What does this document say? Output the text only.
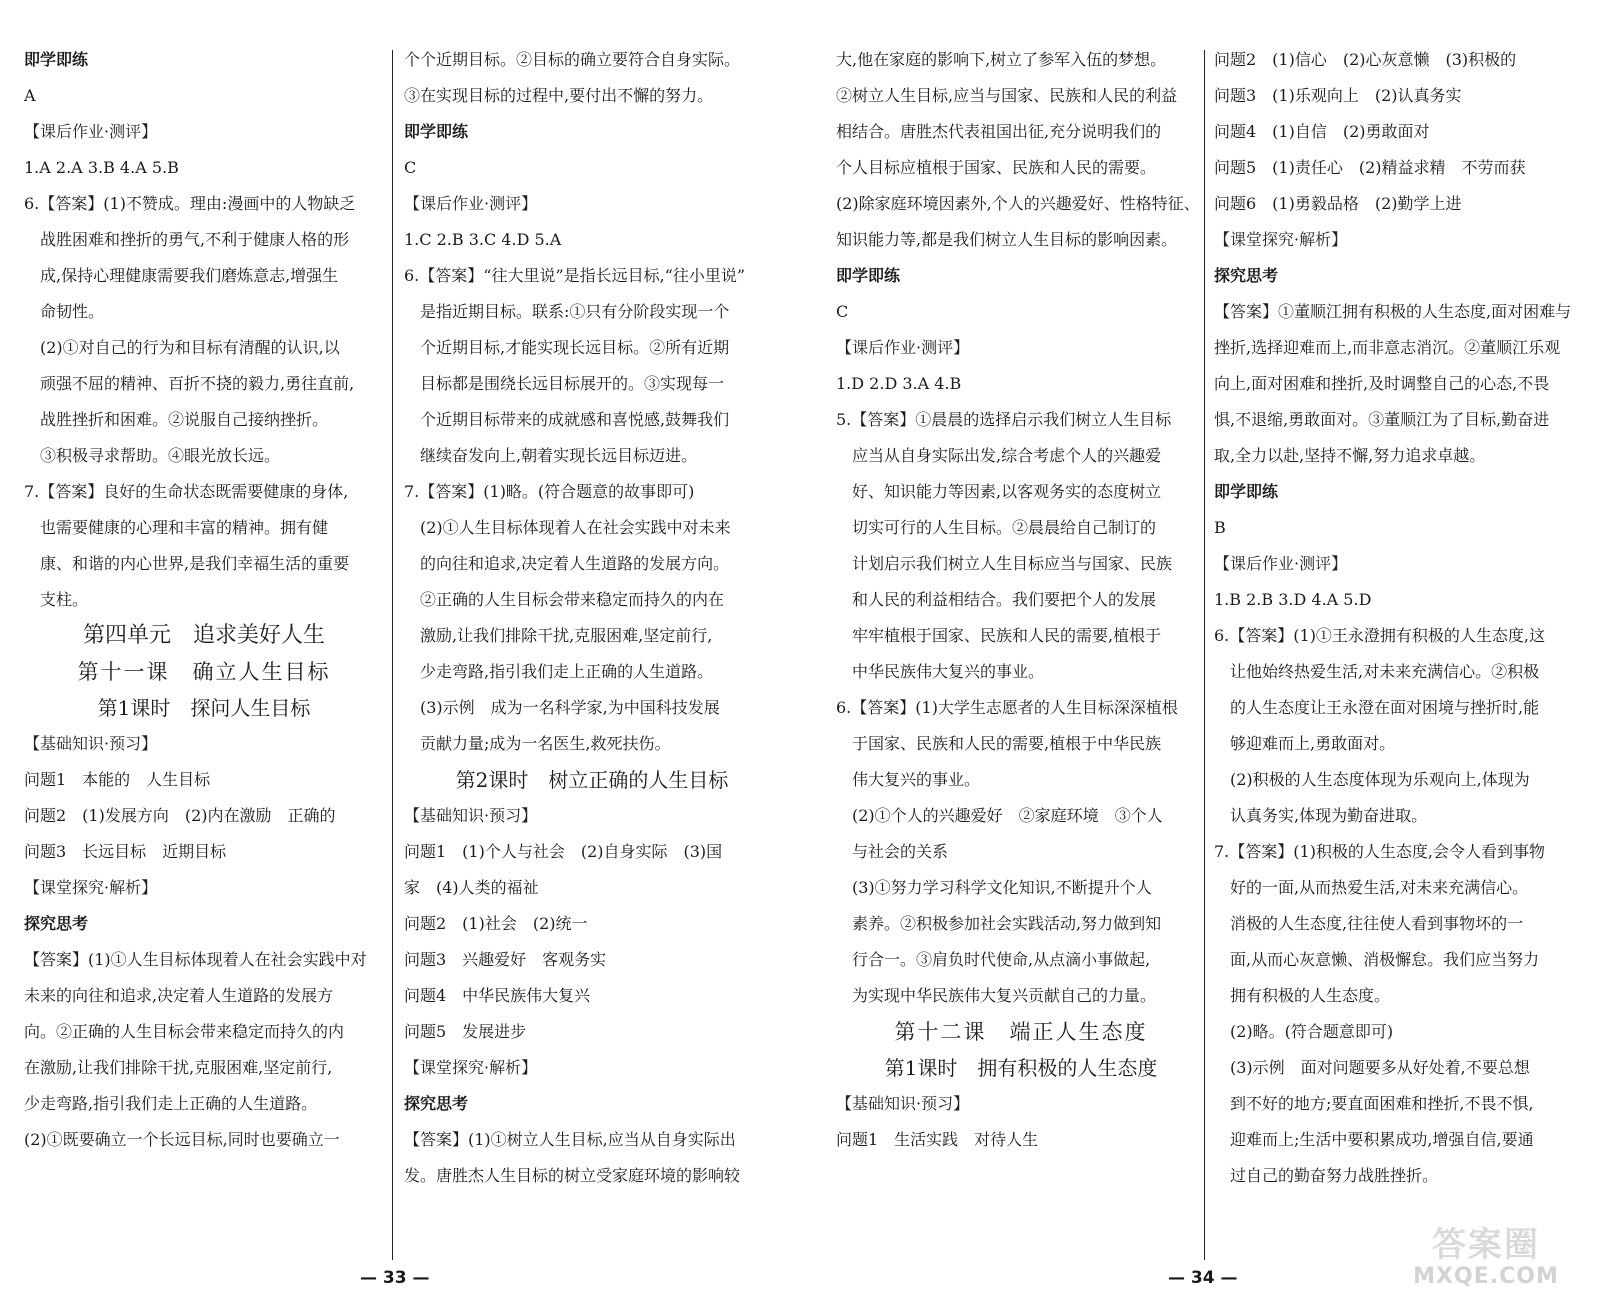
即学即练
A
【课后作业·测评】
1.A 2.A 3.B 4.A 5.B
6.【答案】(1)不赞成。理由:漫画中的人物缺乏
战胜困难和挫折的勇气,不利于健康人格的形
成,保持心理健康需要我们磨炼意志,增强生
命韧性。
(2)①对自己的行为和目标有清醒的认识,以
顽强不屈的精神、百折不挠的毅力,勇往直前,
战胜挫折和困难。②说服自己接纳挫折。
③积极寻求帮助。④眼光放长远。
7.【答案】良好的生命状态既需要健康的身体,
也需要健康的心理和丰富的精神。拥有健
康、和谐的内心世界,是我们幸福生活的重要
支柱。
第四单元　追求美好人生
第十一课　确立人生目标
第1课时　探问人生目标
【基础知识·预习】
问题1　本能的　人生目标
问题2　(1)发展方向　(2)内在激励　正确的
问题3　长远目标　近期目标
【课堂探究·解析】
探究思考
【答案】(1)①人生目标体现着人在社会实践中对
未来的向往和追求,决定着人生道路的发展方
向。②正确的人生目标会带来稳定而持久的内
在激励,让我们排除干扰,克服困难,坚定前行,
少走弯路,指引我们走上正确的人生道路。
(2)①既要确立一个长远目标,同时也要确立一
个个近期目标。②目标的确立要符合自身实际。
③在实现目标的过程中,要付出不懈的努力。
即学即练
C
【课后作业·测评】
1.C 2.B 3.C 4.D 5.A
6.【答案】“往大里说”是指长远目标,“往小里说”
是指近期目标。联系:①只有分阶段实现一个
个近期目标,才能实现长远目标。②所有近期
目标都是围绕长远目标展开的。③实现每一
个近期目标带来的成就感和喜悦感,鼓舞我们
继续奋发向上,朝着实现长远目标迈进。
7.【答案】(1)略。(符合题意的故事即可)
(2)①人生目标体现着人在社会实践中对未来
的向往和追求,决定着人生道路的发展方向。
②正确的人生目标会带来稳定而持久的内在
激励,让我们排除干扰,克服困难,坚定前行,
少走弯路,指引我们走上正确的人生道路。
(3)示例　成为一名科学家,为中国科技发展
贡献力量;成为一名医生,救死扶伤。
第2课时　树立正确的人生目标
【基础知识·预习】
问题1　(1)个人与社会　(2)自身实际　(3)国
家　(4)人类的福祉
问题2　(1)社会　(2)统一
问题3　兴趣爱好　客观务实
问题4　中华民族伟大复兴
问题5　发展进步
【课堂探究·解析】
探究思考
【答案】(1)①树立人生目标,应当从自身实际出
发。唐胜杰人生目标的树立受家庭环境的影响较
— 33 —
大,他在家庭的影响下,树立了参军入伍的梦想。
②树立人生目标,应当与国家、民族和人民的利益
相结合。唐胜杰代表祖国出征,充分说明我们的
个人目标应植根于国家、民族和人民的需要。
(2)除家庭环境因素外,个人的兴趣爱好、性格特征、
知识能力等,都是我们树立人生目标的影响因素。
即学即练
C
【课后作业·测评】
1.D 2.D 3.A 4.B
5.【答案】①晨晨的选择启示我们树立人生目标
应当从自身实际出发,综合考虑个人的兴趣爱
好、知识能力等因素,以客观务实的态度树立
切实可行的人生目标。②晨晨给自己制订的
计划启示我们树立人生目标应当与国家、民族
和人民的利益相结合。我们要把个人的发展
牢牢植根于国家、民族和人民的需要,植根于
中华民族伟大复兴的事业。
6.【答案】(1)大学生志愿者的人生目标深深植根
于国家、民族和人民的需要,植根于中华民族
伟大复兴的事业。
(2)①个人的兴趣爱好　②家庭环境　③个人
与社会的关系
(3)①努力学习科学文化知识,不断提升个人
素养。②积极参加社会实践活动,努力做到知
行合一。③肩负时代使命,从点滴小事做起,
为实现中华民族伟大复兴贡献自己的力量。
第十二课　端正人生态度
第1课时　拥有积极的人生态度
【基础知识·预习】
问题1　生活实践　对待人生
问题2　(1)信心　(2)心灰意懒　(3)积极的
问题3　(1)乐观向上　(2)认真务实
问题4　(1)自信　(2)勇敢面对
问题5　(1)责任心　(2)精益求精　不劳而获
问题6　(1)勇毅品格　(2)勤学上进
【课堂探究·解析】
探究思考
【答案】①董顺江拥有积极的人生态度,面对困难与
挫折,选择迎难而上,而非意志消沉。②董顺江乐观
向上,面对困难和挫折,及时调整自己的心态,不畏
惧,不退缩,勇敢面对。③董顺江为了目标,勤奋进
取,全力以赴,坚持不懈,努力追求卓越。
即学即练
B
【课后作业·测评】
1.B 2.B 3.D 4.A 5.D
6.【答案】(1)①王永澄拥有积极的人生态度,这
让他始终热爱生活,对未来充满信心。②积极
的人生态度让王永澄在面对困境与挫折时,能
够迎难而上,勇敢面对。
(2)积极的人生态度体现为乐观向上,体现为
认真务实,体现为勤奋进取。
7.【答案】(1)积极的人生态度,会令人看到事物
好的一面,从而热爱生活,对未来充满信心。
消极的人生态度,往往使人看到事物坏的一
面,从而心灰意懒、消极懈怠。我们应当努力
拥有积极的人生态度。
(2)略。(符合题意即可)
(3)示例　面对问题要多从好处着,不要总想
到不好的地方;要直面困难和挫折,不畏不惧,
迎难而上;生活中要积累成功,增强自信,要通
过自己的勤奋努力战胜挫折。
— 34 —
答案圈
MXQE.COM
